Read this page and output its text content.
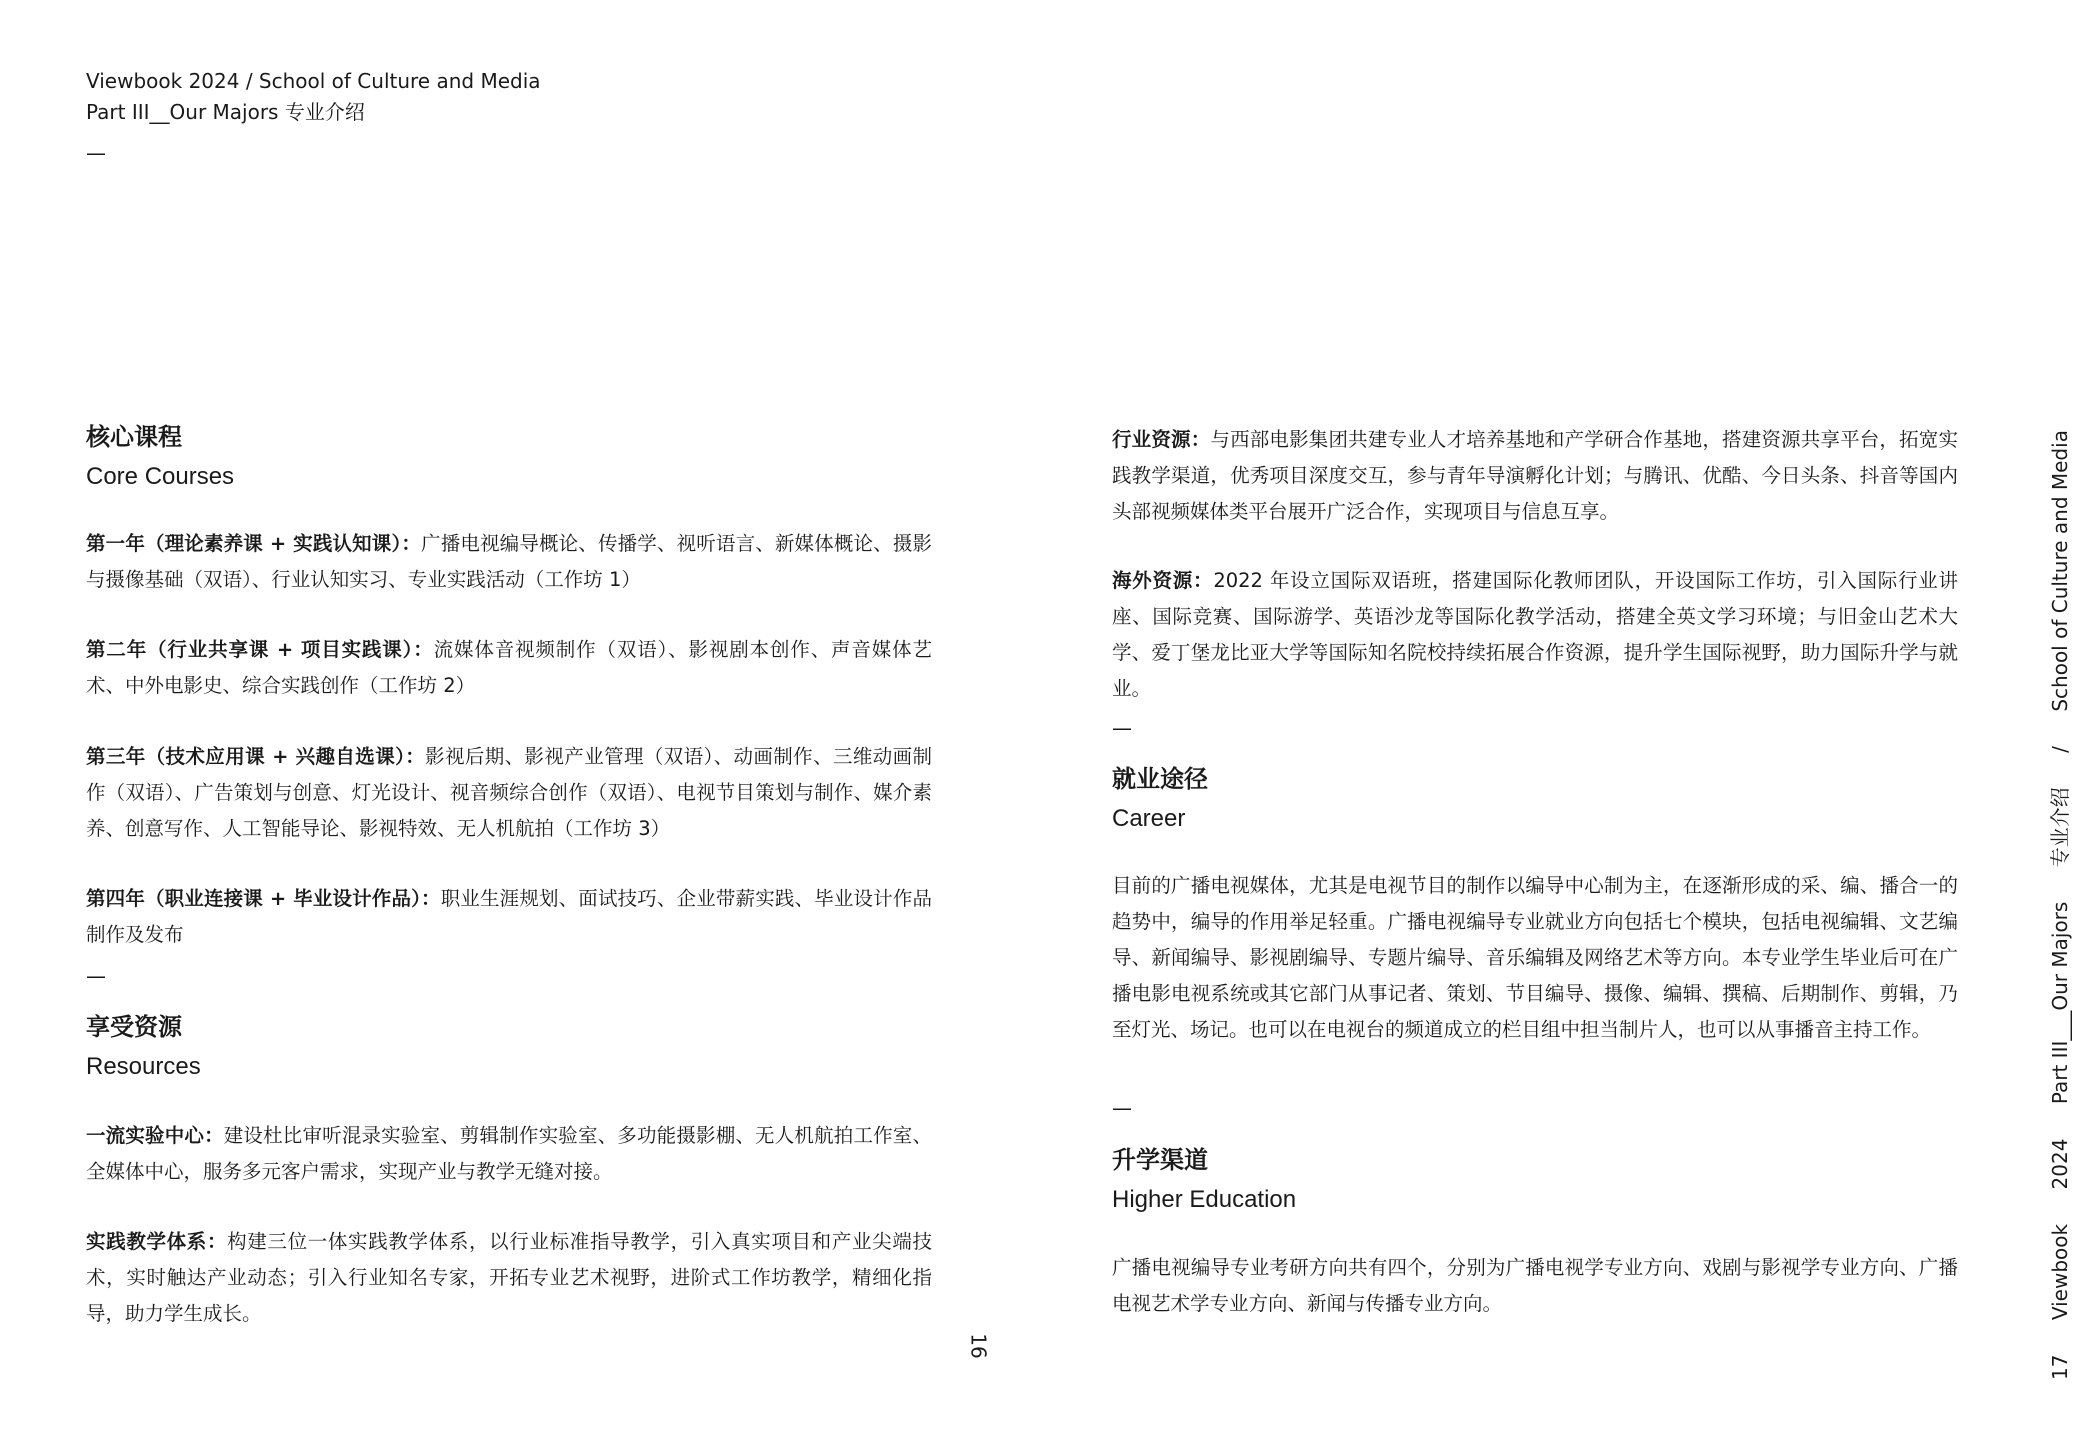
Viewbook 2024 / School of Culture and Media
Part III__Our Majors 专业介绍
—
核心课程
Core Courses

第一年（理论素养课 + 实践认知课）：广播电视编导概论、传播学、视听语言、新媒体概论、摄影与摄像基础（双语）、行业认知实习、专业实践活动（工作坊 1）

第二年（行业共享课 + 项目实践课）：流媒体音视频制作（双语）、影视剧本创作、声音媒体艺术、中外电影史、综合实践创作（工作坊 2）

第三年（技术应用课 + 兴趣自选课）：影视后期、影视产业管理（双语）、动画制作、三维动画制作（双语）、广告策划与创意、灯光设计、视音频综合创作（双语）、电视节目策划与制作、媒介素养、创意写作、人工智能导论、影视特效、无人机航拍（工作坊 3）

第四年（职业连接课 + 毕业设计作品）：职业生涯规划、面试技巧、企业带薪实践、毕业设计作品制作及发布

—
享受资源
Resources

一流实验中心：建设杜比审听混录实验室、剪辑制作实验室、多功能摄影棚、无人机航拍工作室、全媒体中心，服务多元客户需求，实现产业与教学无缝对接。

实践教学体系：构建三位一体实践教学体系，以行业标准指导教学，引入真实项目和产业尖端技术，实时触达产业动态；引入行业知名专家，开拓专业艺术视野，进阶式工作坊教学，精细化指导，助力学生成长。

16

行业资源：与西部电影集团共建专业人才培养基地和产学研合作基地，搭建资源共享平台，拓宽实践教学渠道，优秀项目深度交互，参与青年导演孵化计划；与腾讯、优酷、今日头条、抖音等国内头部视频媒体类平台展开广泛合作，实现项目与信息互享。

海外资源：2022 年设立国际双语班，搭建国际化教师团队，开设国际工作坊，引入国际行业讲座、国际竞赛、国际游学、英语沙龙等国际化教学活动，搭建全英文学习环境；与旧金山艺术大学、爱丁堡龙比亚大学等国际知名院校持续拓展合作资源，提升学生国际视野，助力国际升学与就业。

—
就业途径
Career

目前的广播电视媒体，尤其是电视节目的制作以编导中心制为主，在逐渐形成的采、编、播合一的趋势中，编导的作用举足轻重。广播电视编导专业就业方向包括七个模块，包括电视编辑、文艺编导、新闻编导、影视剧编导、专题片编导、音乐编辑及网络艺术等方向。本专业学生毕业后可在广播电影电视系统或其它部门从事记者、策划、节目编导、摄像、编辑、撰稿、后期制作、剪辑，乃至灯光、场记。也可以在电视台的频道成立的栏目组中担当制片人，也可以从事播音主持工作。

—
升学渠道
Higher Education

广播电视编导专业考研方向共有四个，分别为广播电视学专业方向、戏剧与影视学专业方向、广播电视艺术学专业方向、新闻与传播专业方向。

17
Viewbook
2024
Part III___Our Majors
专业介绍
/
School of Culture and Media
